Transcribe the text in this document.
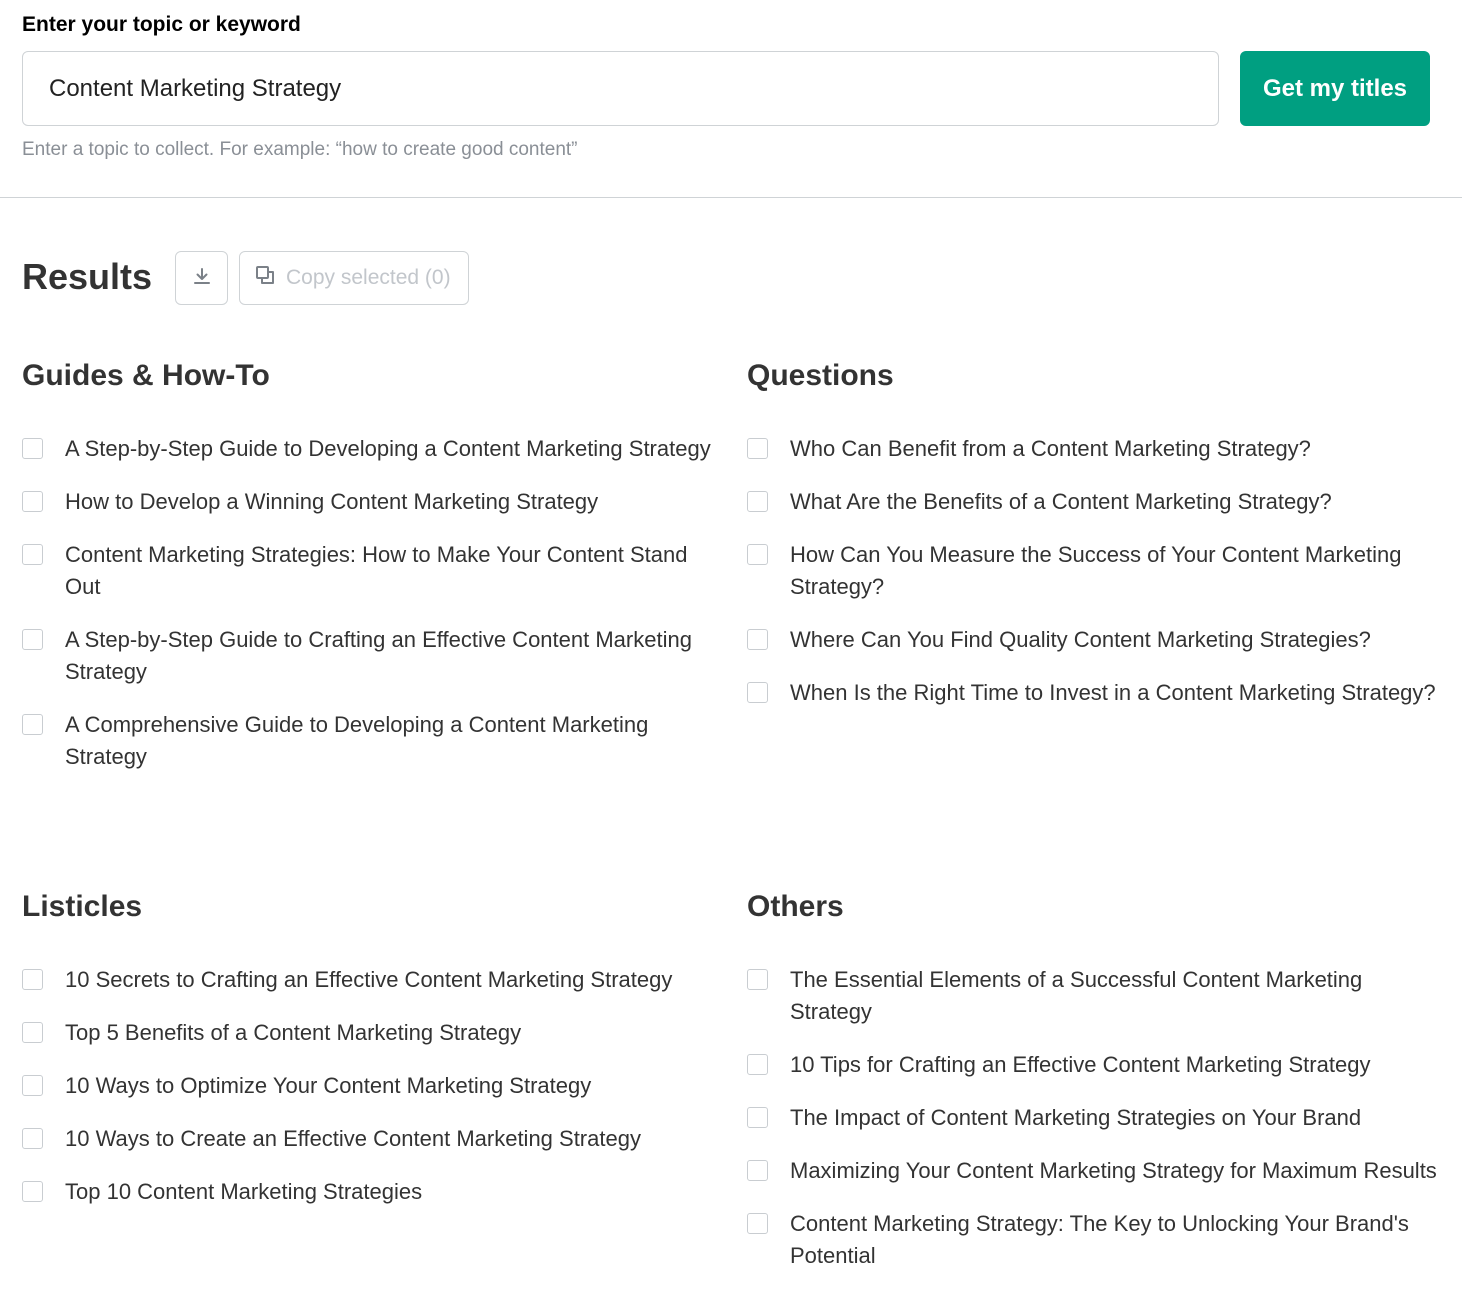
Enter your topic or keyword
Content Marketing Strategy
Get my titles
Enter a topic to collect. For example: “how to create good content”
Results	Copy selected (0)
Guides & How-To
A Step-by-Step Guide to Developing a Content Marketing Strategy
How to Develop a Winning Content Marketing Strategy
Content Marketing Strategies: How to Make Your Content Stand Out
A Step-by-Step Guide to Crafting an Effective Content Marketing Strategy
A Comprehensive Guide to Developing a Content Marketing Strategy
Questions
Who Can Benefit from a Content Marketing Strategy?
What Are the Benefits of a Content Marketing Strategy?
How Can You Measure the Success of Your Content Marketing Strategy?
Where Can You Find Quality Content Marketing Strategies?
When Is the Right Time to Invest in a Content Marketing Strategy?
Listicles
10 Secrets to Crafting an Effective Content Marketing Strategy
Top 5 Benefits of a Content Marketing Strategy
10 Ways to Optimize Your Content Marketing Strategy
10 Ways to Create an Effective Content Marketing Strategy
Top 10 Content Marketing Strategies
Others
The Essential Elements of a Successful Content Marketing Strategy
10 Tips for Crafting an Effective Content Marketing Strategy
The Impact of Content Marketing Strategies on Your Brand
Maximizing Your Content Marketing Strategy for Maximum Results
Content Marketing Strategy: The Key to Unlocking Your Brand's Potential
